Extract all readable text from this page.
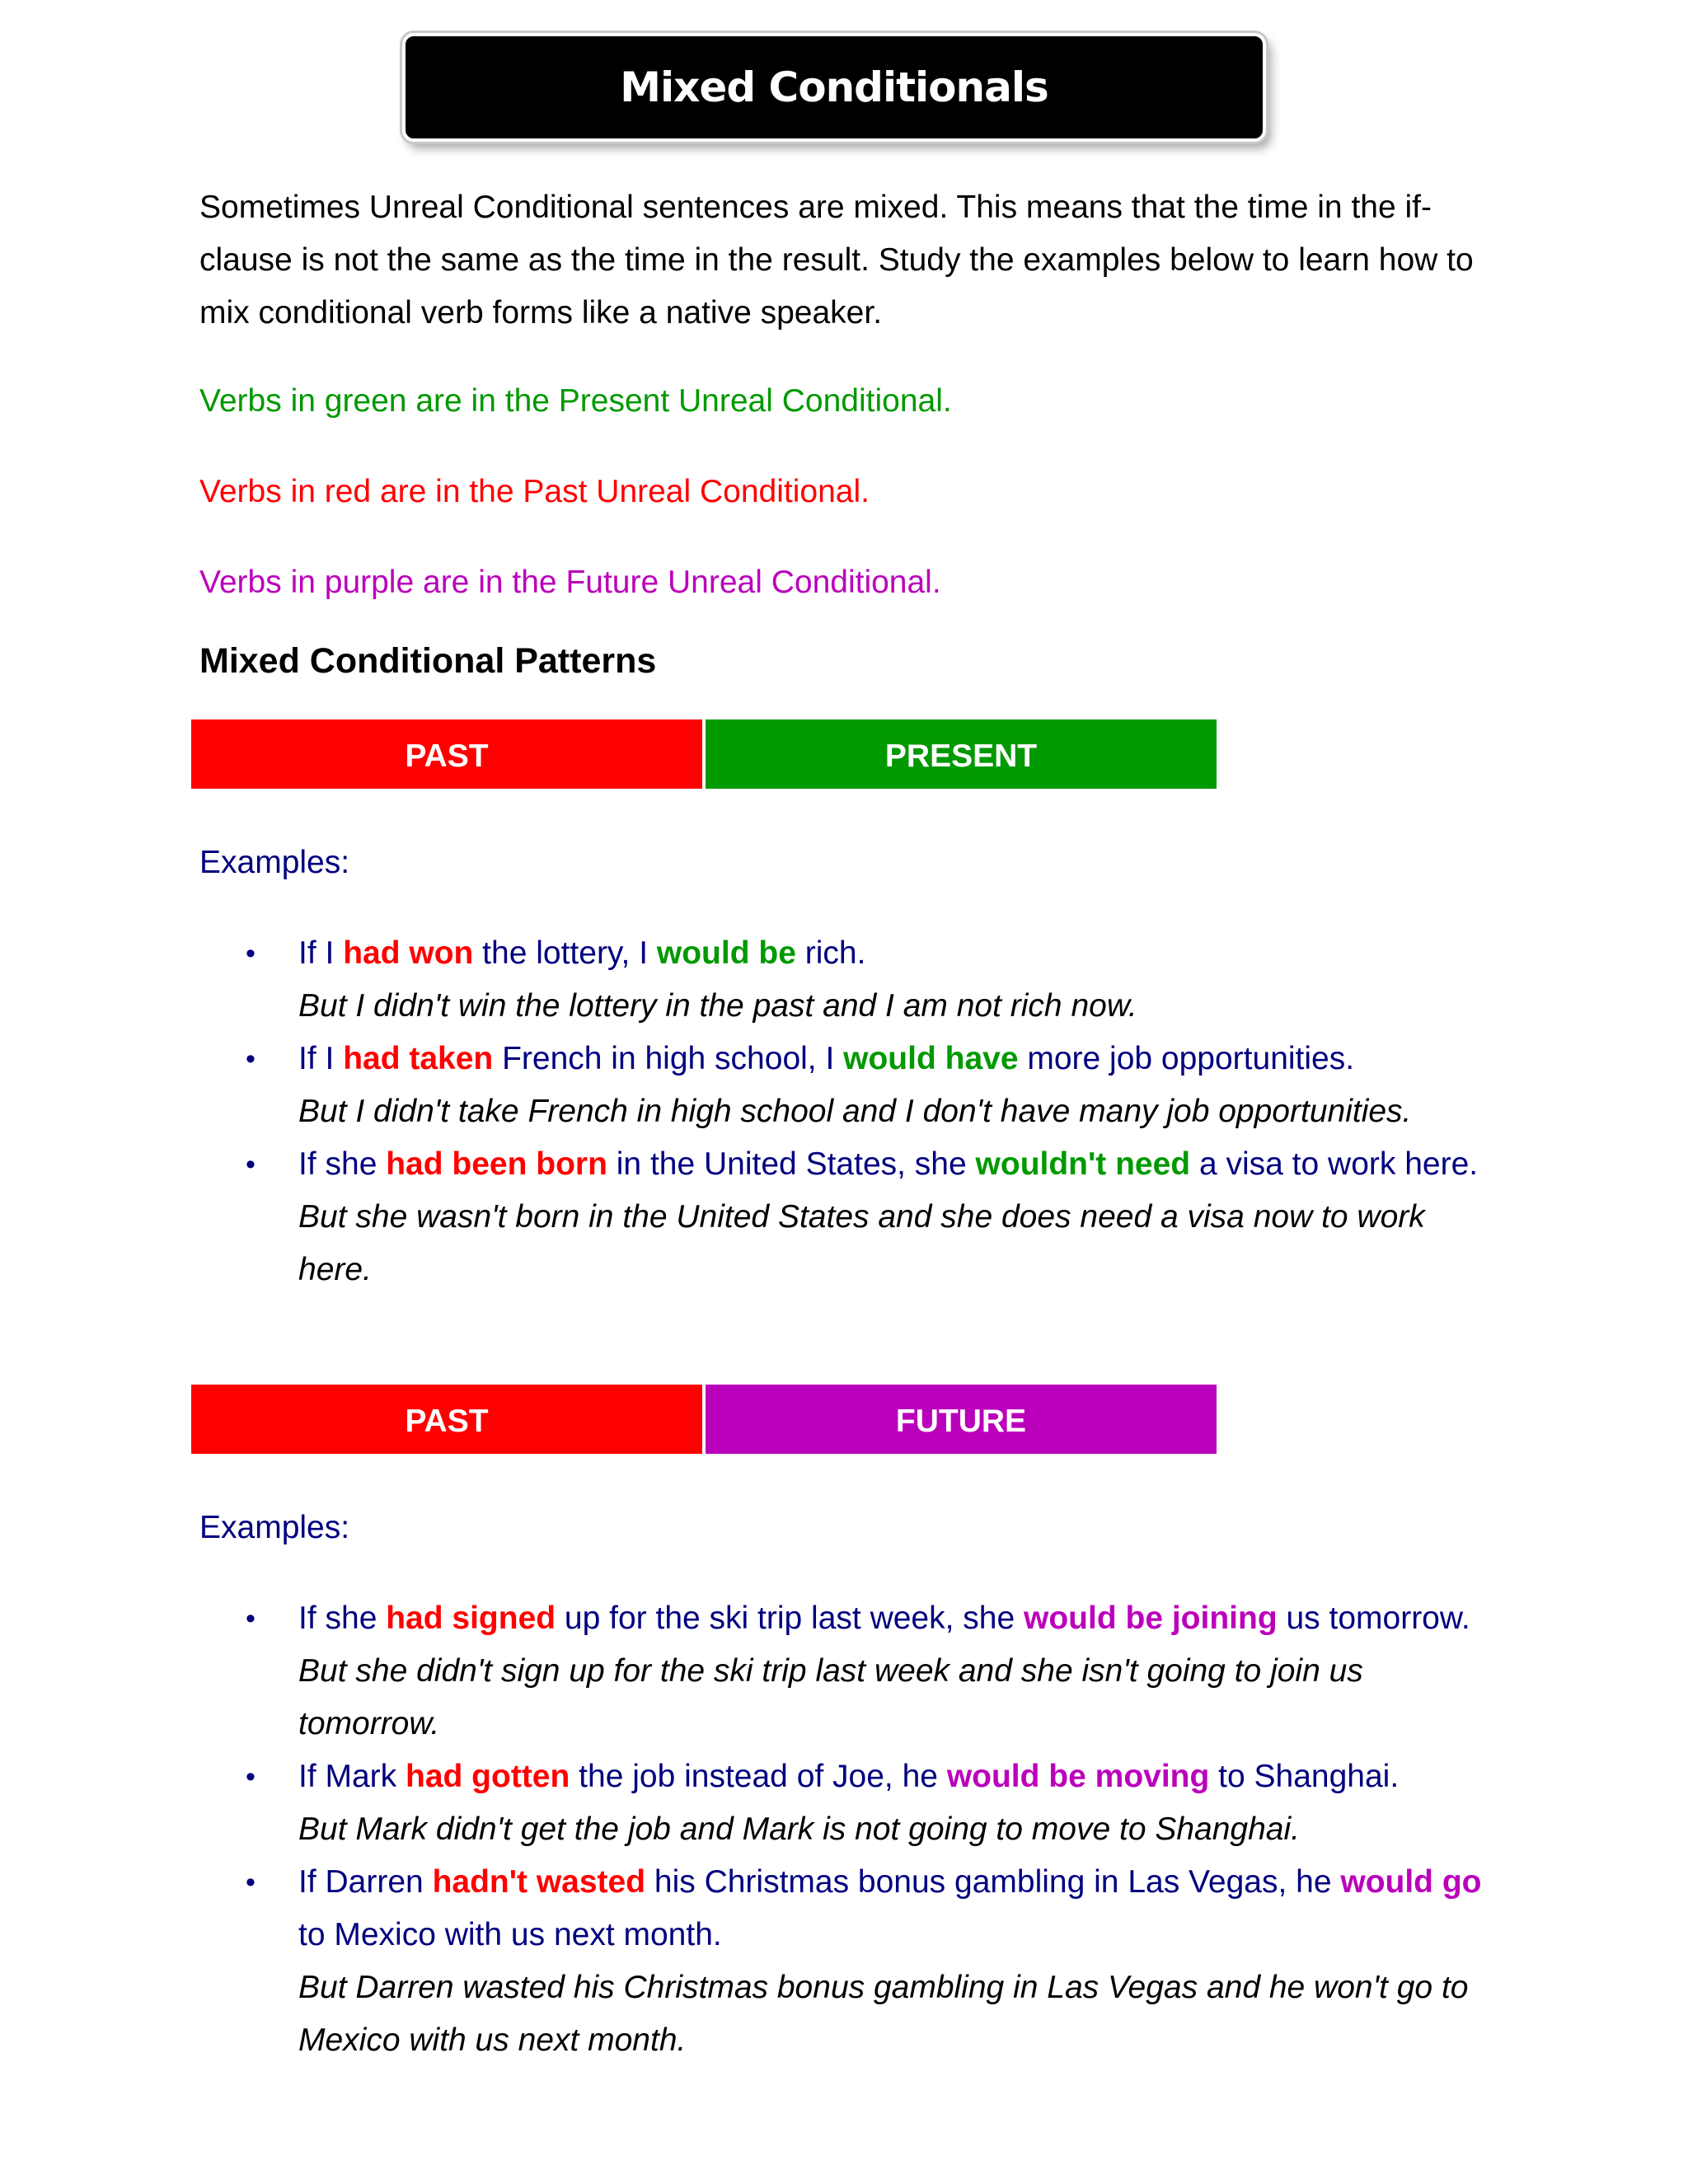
Mixed Conditionals
Sometimes Unreal Conditional sentences are mixed. This means that the time in the if-clause is not the same as the time in the result. Study the examples below to learn how to mix conditional verb forms like a native speaker.
Verbs in green are in the Present Unreal Conditional.
Verbs in red are in the Past Unreal Conditional.
Verbs in purple are in the Future Unreal Conditional.
Mixed Conditional Patterns
PAST	PRESENT
Examples:
• If I had won the lottery, I would be rich.
But I didn't win the lottery in the past and I am not rich now.
• If I had taken French in high school, I would have more job opportunities.
But I didn't take French in high school and I don't have many job opportunities.
• If she had been born in the United States, she wouldn't need a visa to work here.
But she wasn't born in the United States and she does need a visa now to work here.
PAST	FUTURE
Examples:
• If she had signed up for the ski trip last week, she would be joining us tomorrow.
But she didn't sign up for the ski trip last week and she isn't going to join us tomorrow.
• If Mark had gotten the job instead of Joe, he would be moving to Shanghai.
But Mark didn't get the job and Mark is not going to move to Shanghai.
• If Darren hadn't wasted his Christmas bonus gambling in Las Vegas, he would go to Mexico with us next month.
But Darren wasted his Christmas bonus gambling in Las Vegas and he won't go to Mexico with us next month.
